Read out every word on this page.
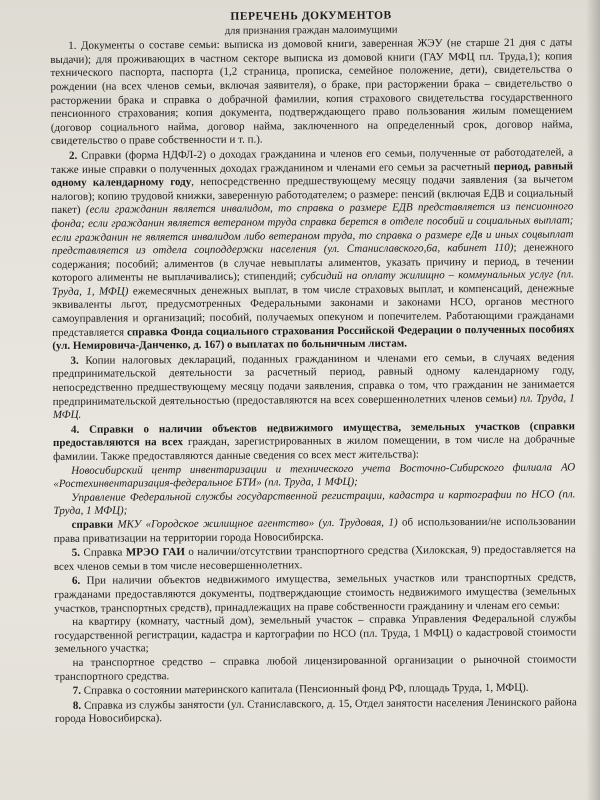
ПЕРЕЧЕНЬ ДОКУМЕНТОВ

для признания граждан малоимущими

1. Документы о составе семьи: выписка из домовой книги, заверенная ЖЭУ (не старше 21 дня с даты выдачи); для проживающих в частном секторе выписка из домовой книги (ГАУ МФЦ пл. Труда,1); копия технического паспорта, паспорта (1,2 страница, прописка, семейное положение, дети), свидетельства о рождении (на всех членов семьи, включая заявителя), о браке, при расторжении брака – свидетельство о расторжении брака и справка о добрачной фамилии, копия страхового свидетельства государственного пенсионного страхования; копия документа, подтверждающего право пользования жилым помещением (договор социального найма, договор найма, заключенного на определенный срок, договор найма, свидетельство о праве собственности и т. п.).

2. Справки (форма НДФЛ-2) о доходах гражданина и членов его семьи, полученные от работодателей, а также иные справки о полученных доходах гражданином и членами его семьи за расчетный период, равный одному календарному году, непосредственно предшествующему месяцу подачи заявления (за вычетом налогов); копию трудовой книжки, заверенную работодателем; о размере: пенсий (включая ЕДВ и социальный пакет) (если гражданин является инвалидом, то справка о размере ЕДВ представляется из пенсионного фонда; если гражданин является ветераном труда справка берется в отделе пособий и социальных выплат; если гражданин не является инвалидом либо ветераном труда, то справка о размере еДв и иных соцвыплат представляется из отдела соцподдержки населения (ул. Станиславского,6а, кабинет 110); денежного содержания; пособий; алиментов (в случае невыплаты алиментов, указать причину и период, в течении которого алименты не выплачивались); стипендий; субсидий на оплату жилищно – коммунальных услуг (пл. Труда, 1, МФЦ) ежемесячных денежных выплат, в том числе страховых выплат, и компенсаций, денежные эквиваленты льгот, предусмотренных Федеральными законами и законами НСО, органов местного самоуправления и организаций; пособий, получаемых опекуном и попечителем. Работающими гражданами представляется справка Фонда социального страхования Российской Федерации о полученных пособиях (ул. Немировича-Данченко, д. 167) о выплатах по больничным листам.

3. Копии налоговых деклараций, поданных гражданином и членами его семьи, в случаях ведения предпринимательской деятельности за расчетный период, равный одному календарному году, непосредственно предшествующему месяцу подачи заявления, справка о том, что гражданин не занимается предпринимательской деятельностью (предоставляются на всех совершеннолетних членов семьи) пл. Труда, 1 МФЦ.

4. Справки о наличии объектов недвижимого имущества, земельных участков (справки предоставляются на всех граждан, зарегистрированных в жилом помещении, в том числе на добрачные фамилии. Также предоставляются данные сведения со всех мест жительства):

Новосибирский центр инвентаризации и технического учета Восточно-Сибирского филиала АО «Ростехинвентаризация-федеральное БТИ» (пл. Труда, 1 МФЦ);

Управление Федеральной службы государственной регистрации, кадастра и картографии по НСО (пл. Труда, 1 МФЦ);

справки МКУ «Городское жилищное агентство» (ул. Трудовая, 1) об использовании/не использовании права приватизации на территории города Новосибирска.

5. Справка МРЭО ГАИ о наличии/отсутствии транспортного средства (Хилокская, 9) предоставляется на всех членов семьи в том числе несовершеннолетних.

6. При наличии объектов недвижимого имущества, земельных участков или транспортных средств, гражданами предоставляются документы, подтверждающие стоимость недвижимого имущества (земельных участков, транспортных средств), принадлежащих на праве собственности гражданину и членам его семьи:

на квартиру (комнату, частный дом), земельный участок – справка Управления Федеральной службы государственной регистрации, кадастра и картографии по НСО (пл. Труда, 1 МФЦ) о кадастровой стоимости земельного участка;

на транспортное средство – справка любой лицензированной организации о рыночной стоимости транспортного средства.

7. Справка о состоянии материнского капитала (Пенсионный фонд РФ, площадь Труда, 1, МФЦ).

8. Справка из службы занятости (ул. Станиславского, д. 15, Отдел занятости населения Ленинского района города Новосибирска).
